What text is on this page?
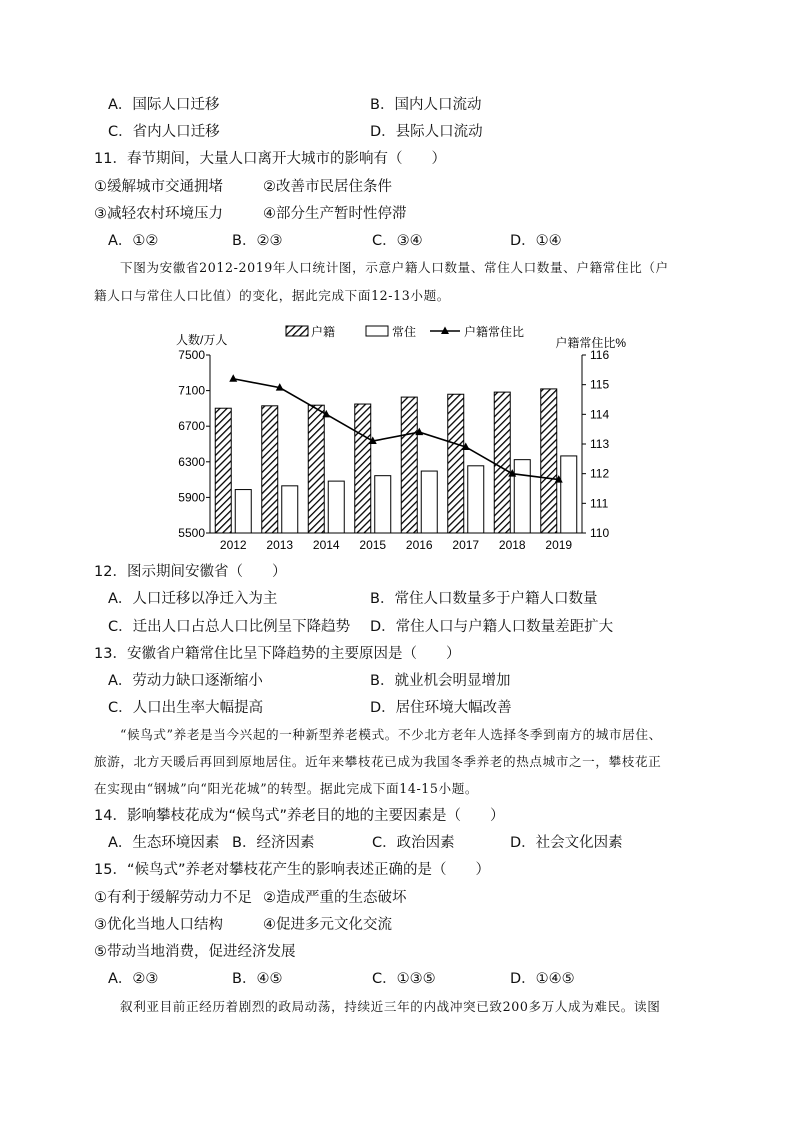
A．国际人口迁移	B．国内人口流动
C．省内人口迁移	D．县际人口流动
11．春节期间，大量人口离开大城市的影响有（　　）
①缓解城市交通拥堵	②改善市民居住条件
③减轻农村环境压力	④部分生产暂时性停滞
A．①②	B．②③	C．③④	D．①④
下图为安徽省2012-2019年人口统计图，示意户籍人口数量、常住人口数量、户籍常住比（户
籍人口与常住人口比值）的变化，据此完成下面12-13小题。
5500
5900
6300
6700
7100
7500
110
111
112
113
114
115
116
人数/万人	户籍常住比%
2012 2013 2014 2015 2016 2017 2018 2019
户籍	常住	户籍常住比
12．图示期间安徽省（　　）
A．人口迁移以净迁入为主	B．常住人口数量多于户籍人口数量
C．迁出人口占总人口比例呈下降趋势 D．常住人口与户籍人口数量差距扩大
13．安徽省户籍常住比呈下降趋势的主要原因是（　　）
A．劳动力缺口逐渐缩小	B．就业机会明显增加
C．人口出生率大幅提高	D．居住环境大幅改善
“候鸟式”养老是当今兴起的一种新型养老模式。不少北方老年人选择冬季到南方的城市居住、
旅游，北方天暖后再回到原地居住。近年来攀枝花已成为我国冬季养老的热点城市之一，攀枝花正
在实现由“钢城”向“阳光花城”的转型。据此完成下面14-15小题。
14．影响攀枝花成为“候鸟式”养老目的地的主要因素是（　　）
A．生态环境因素 B．经济因素	C．政治因素	D．社会文化因素
15．“候鸟式”养老对攀枝花产生的影响表述正确的是（　　）
①有利于缓解劳动力不足 ②造成严重的生态破坏
③优化当地人口结构	④促进多元文化交流
⑤带动当地消费，促进经济发展
A．②③	B．④⑤	C．①③⑤	D．①④⑤
叙利亚目前正经历着剧烈的政局动荡，持续近三年的内战冲突已致200多万人成为难民。读图
